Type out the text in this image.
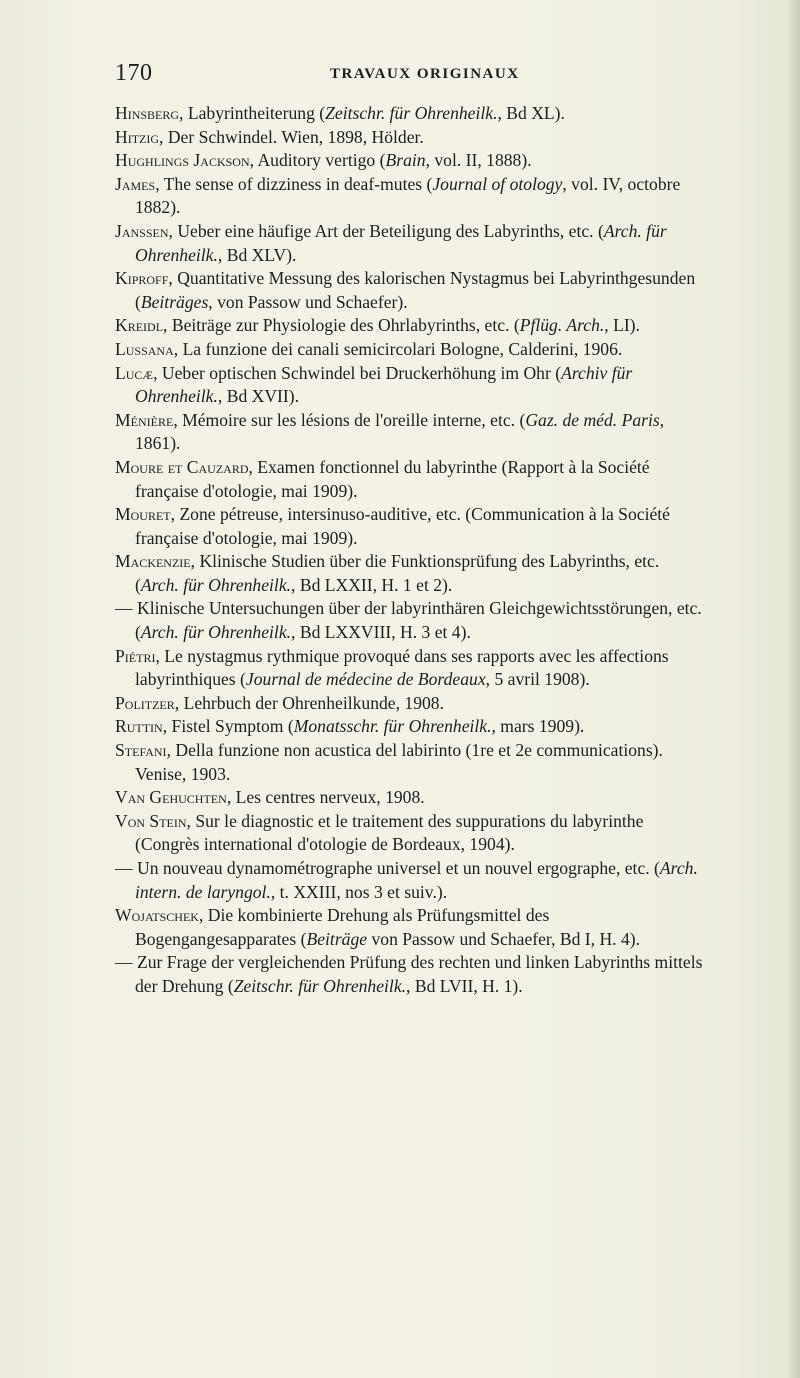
170	TRAVAUX ORIGINAUX

Hinsberg, Labyrintheiterung (Zeitschr. für Ohrenheilk., Bd XL).

Hitzig, Der Schwindel. Wien, 1898, Hölder.

Hughlings Jackson, Auditory vertigo (Brain, vol. II, 1888).

James, The sense of dizziness in deaf-mutes (Journal of otology, vol. IV, octobre 1882).

Janssen, Ueber eine häufige Art der Beteiligung des Labyrinths, etc. (Arch. für Ohrenheilk., Bd XLV).

Kiproff, Quantitative Messung des kalorischen Nystagmus bei Labyrinthgesunden (Beiträges, von Passow und Schaefer).

Kreidl, Beiträge zur Physiologie des Ohrlabyrinths, etc. (Pflüg. Arch., LI).

Lussana, La funzione dei canali semicircolari Bologne, Calderini, 1906.

Lucæ, Ueber optischen Schwindel bei Druckerhöhung im Ohr (Archiv für Ohrenheilk., Bd XVII).

Ménière, Mémoire sur les lésions de l'oreille interne, etc. (Gaz. de méd. Paris, 1861).

Moure et Cauzard, Examen fonctionnel du labyrinthe (Rapport à la Société française d'otologie, mai 1909).

Mouret, Zone pétreuse, intersinuso-auditive, etc. (Communication à la Société française d'otologie, mai 1909).

Mackenzie, Klinische Studien über die Funktionsprüfung des Labyrinths, etc. (Arch. für Ohrenheilk., Bd LXXII, H. 1 et 2).

— Klinische Untersuchungen über der labyrinthären Gleichgewichtsstörungen, etc. (Arch. für Ohrenheilk., Bd LXXVIII, H. 3 et 4).

Piétri, Le nystagmus rythmique provoqué dans ses rapports avec les affections labyrinthiques (Journal de médecine de Bordeaux, 5 avril 1908).

Politzer, Lehrbuch der Ohrenheilkunde, 1908.

Ruttin, Fistel Symptom (Monatsschr. für Ohrenheilk., mars 1909).

Stefani, Della funzione non acustica del labirinto (1re et 2e communications). Venise, 1903.

Van Gehuchten, Les centres nerveux, 1908.

Von Stein, Sur le diagnostic et le traitement des suppurations du labyrinthe (Congrès international d'otologie de Bordeaux, 1904).

— Un nouveau dynamométrographe universel et un nouvel ergographe, etc. (Arch. intern. de laryngol., t. XXIII, nos 3 et suiv.).

Wojatschek, Die kombinierte Drehung als Prüfungsmittel des Bogengangesapparates (Beiträge von Passow und Schaefer, Bd I, H. 4).

— Zur Frage der vergleichenden Prüfung des rechten und linken Labyrinths mittels der Drehung (Zeitschr. für Ohrenheilk., Bd LVII, H. 1).
